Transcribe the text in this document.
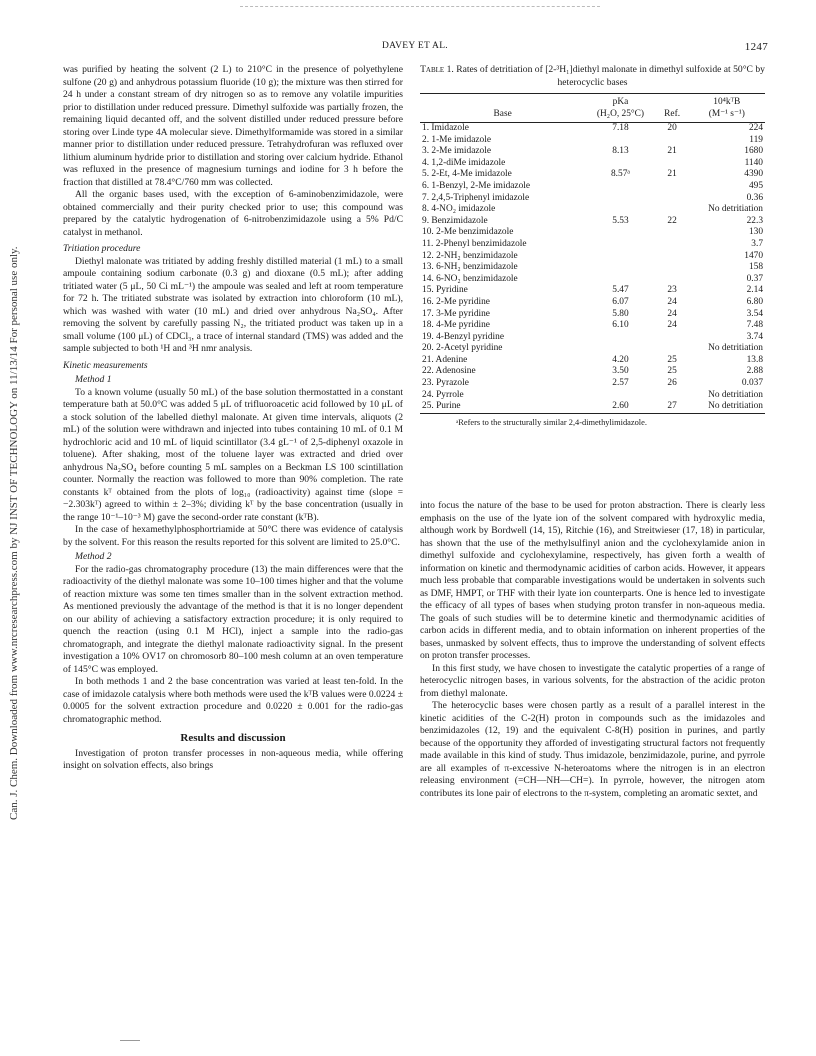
DAVEY ET AL.	1247
Can. J. Chem. Downloaded from www.nrcresearchpress.com by NJ INST OF TECHNOLOGY on 11/13/14 For personal use only.

was purified by heating the solvent (2 L) to 210°C in the presence of polyethylene sulfone (20 g) and anhydrous potassium fluoride (10 g); the mixture was then stirred for 24 h under a constant stream of dry nitrogen so as to remove any volatile impurities prior to distillation under reduced pressure. Dimethyl sulfoxide was partially frozen, the remaining liquid decanted off, and the solvent distilled under reduced pressure before storing over Linde type 4A molecular sieve. Dimethylformamide was stored in a similar manner prior to distillation under reduced pressure. Tetrahydrofuran was refluxed over lithium aluminum hydride prior to distillation and storing over calcium hydride. Ethanol was refluxed in the presence of magnesium turnings and iodine for 3 h before the fraction that distilled at 78.4°C/760 mm was collected.

All the organic bases used, with the exception of 6-aminobenzimidazole, were obtained commercially and their purity checked prior to use; this compound was prepared by the catalytic hydrogenation of 6-nitrobenzimidazole using a 5% Pd/C catalyst in methanol.

Tritiation procedure

Diethyl malonate was tritiated by adding freshly distilled material (1 mL) to a small ampoule containing sodium carbonate (0.3 g) and dioxane (0.5 mL); after adding tritiated water (5 μL, 50 Ci mL⁻¹) the ampoule was sealed and left at room temperature for 72 h. The tritiated substrate was isolated by extraction into chloroform (10 mL), which was washed with water (10 mL) and dried over anhydrous Na₂SO₄. After removing the solvent by carefully passing N₂, the tritiated product was taken up in a small volume (100 μL) of CDCl₃, a trace of internal standard (TMS) was added and the sample subjected to both ¹H and ³H nmr analysis.

Kinetic measurements
Method 1

To a known volume (usually 50 mL) of the base solution thermostatted in a constant temperature bath at 50.0°C was added 5 μL of trifluoroacetic acid followed by 10 μL of a stock solution of the labelled diethyl malonate. At given time intervals, aliquots (2 mL) of the solution were withdrawn and injected into tubes containing 10 mL of 0.1 M hydrochloric acid and 10 mL of liquid scintillator (3.4 gL⁻¹ of 2,5-diphenyl oxazole in toluene). After shaking, most of the toluene layer was extracted and dried over anhydrous Na₂SO₄ before counting 5 mL samples on a Beckman LS 100 scintillation counter. Normally the reaction was followed to more than 90% completion. The rate constants kᵀ obtained from the plots of log₁₀ (radioactivity) against time (slope = −2.303kᵀ) agreed to within ± 2–3%; dividing kᵀ by the base concentration (usually in the range 10⁻¹–10⁻³ M) gave the second-order rate constant (kᵀB).

In the case of hexamethylphosphortriamide at 50°C there was evidence of catalysis by the solvent. For this reason the results reported for this solvent are limited to 25.0°C.

Method 2

For the radio-gas chromatography procedure (13) the main differences were that the radioactivity of the diethyl malonate was some 10–100 times higher and that the volume of reaction mixture was some ten times smaller than in the solvent extraction method. As mentioned previously the advantage of the method is that it is no longer dependent on our ability of achieving a satisfactory extraction procedure; it is only required to quench the reaction (using 0.1 M HCl), inject a sample into the radio-gas chromatograph, and integrate the diethyl malonate radioactivity signal. In the present investigation a 10% OV17 on chromosorb 80–100 mesh column at an oven temperature of 145°C was employed.

In both methods 1 and 2 the base concentration was varied at least ten-fold. In the case of imidazole catalysis where both methods were used the kᵀB values were 0.0224 ± 0.0005 for the solvent extraction procedure and 0.0220 ± 0.001 for the radio-gas chromatographic method.

Results and discussion

Investigation of proton transfer processes in non-aqueous media, while offering insight on solvation effects, also brings

Table 1. Rates of detritiation of [2-³H₁]diethyl malonate in dimethyl sulfoxide at 50°C by heterocyclic bases

Base	pKa
(H₂O, 25°C)	Ref.	10⁴kᵀB
(M⁻¹ s⁻¹)
1. Imidazole	7.18	20	224
2. 1-Me imidazole			119
3. 2-Me imidazole	8.13	21	1680
4. 1,2-diMe imidazole			1140
5. 2-Et, 4-Me imidazole	8.57ᵃ	21	4390
6. 1-Benzyl, 2-Me imidazole			495
7. 2,4,5-Triphenyl imidazole			0.36
8. 4-NO₂ imidazole			No detritiation
9. Benzimidazole	5.53	22	22.3
10. 2-Me benzimidazole			130
11. 2-Phenyl benzimidazole			3.7
12. 2-NH₂ benzimidazole			1470
13. 6-NH₂ benzimidazole			158
14. 6-NO₂ benzimidazole			0.37
15. Pyridine	5.47	23	2.14
16. 2-Me pyridine	6.07	24	6.80
17. 3-Me pyridine	5.80	24	3.54
18. 4-Me pyridine	6.10	24	7.48
19. 4-Benzyl pyridine			3.74
20. 2-Acetyl pyridine			No detritiation
21. Adenine	4.20	25	13.8
22. Adenosine	3.50	25	2.88
23. Pyrazole	2.57	26	0.037
24. Pyrrole			No detritiation
25. Purine	2.60	27	No detritiation

ᵃRefers to the structurally similar 2,4-dimethylimidazole.

into focus the nature of the base to be used for proton abstraction. There is clearly less emphasis on the use of the lyate ion of the solvent compared with hydroxylic media, although work by Bordwell (14, 15), Ritchie (16), and Streitwieser (17, 18) in particular, has shown that the use of the methylsulfinyl anion and the cyclohexylamide anion in dimethyl sulfoxide and cyclohexylamine, respectively, has given forth a wealth of information on kinetic and thermodynamic acidities of carbon acids. However, it appears much less probable that comparable investigations would be undertaken in solvents such as DMF, HMPT, or THF with their lyate ion counterparts. One is hence led to investigate the efficacy of all types of bases when studying proton transfer in non-aqueous media. The goals of such studies will be to determine kinetic and thermodynamic acidities of carbon acids in different media, and to obtain information on inherent properties of the bases, unmasked by solvent effects, thus to improve the understanding of solvent effects on proton transfer processes.

In this first study, we have chosen to investigate the catalytic properties of a range of heterocyclic nitrogen bases, in various solvents, for the abstraction of the acidic proton from diethyl malonate.

The heterocyclic bases were chosen partly as a result of a parallel interest in the kinetic acidities of the C-2(H) proton in compounds such as the imidazoles and benzimidazoles (12, 19) and the equivalent C-8(H) position in purines, and partly because of the opportunity they afforded of investigating structural factors not frequently made available in this kind of study. Thus imidazole, benzimidazole, purine, and pyrrole are all examples of π-excessive N-heteroatoms where the nitrogen is in an electron releasing environment (=CH—NH—CH=). In pyrrole, however, the nitrogen atom contributes its lone pair of electrons to the π-system, completing an aromatic sextet, and
